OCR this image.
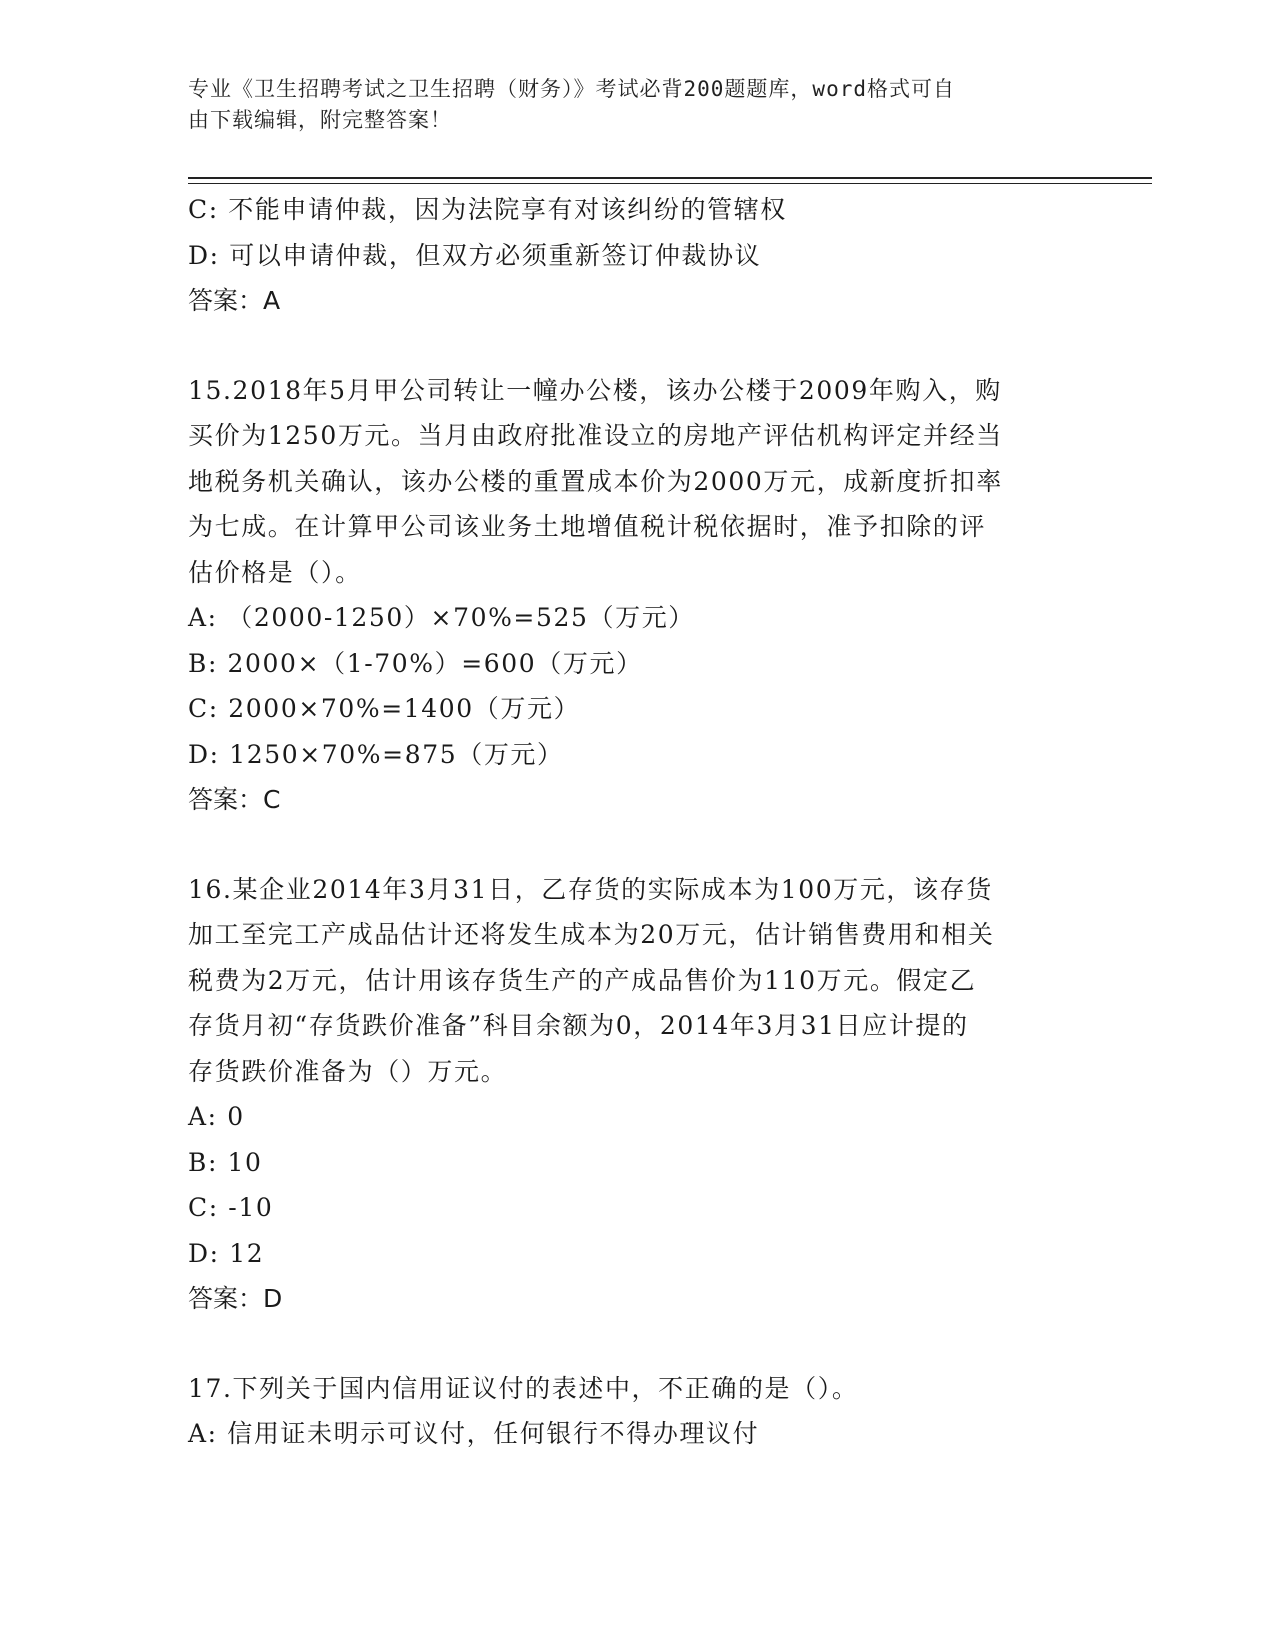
专业《卫生招聘考试之卫生招聘（财务）》考试必背200题题库，word格式可自
由下载编辑，附完整答案！
C: 不能申请仲裁，因为法院享有对该纠纷的管辖权
D: 可以申请仲裁，但双方必须重新签订仲裁协议
答案：A
15.2018年5月甲公司转让一幢办公楼，该办公楼于2009年购入，购
买价为1250万元。当月由政府批准设立的房地产评估机构评定并经当
地税务机关确认，该办公楼的重置成本价为2000万元，成新度折扣率
为七成。在计算甲公司该业务土地增值税计税依据时，准予扣除的评
估价格是（）。
A: （2000-1250）×70%=525（万元）
B: 2000×（1-70%）=600（万元）
C: 2000×70%=1400（万元）
D: 1250×70%=875（万元）
答案：C
16.某企业2014年3月31日，乙存货的实际成本为100万元，该存货
加工至完工产成品估计还将发生成本为20万元，估计销售费用和相关
税费为2万元，估计用该存货生产的产成品售价为110万元。假定乙
存货月初“存货跌价准备”科目余额为0，2014年3月31日应计提的
存货跌价准备为（）万元。
A: 0
B: 10
C: -10
D: 12
答案：D
17.下列关于国内信用证议付的表述中，不正确的是（）。
A: 信用证未明示可议付，任何银行不得办理议付
